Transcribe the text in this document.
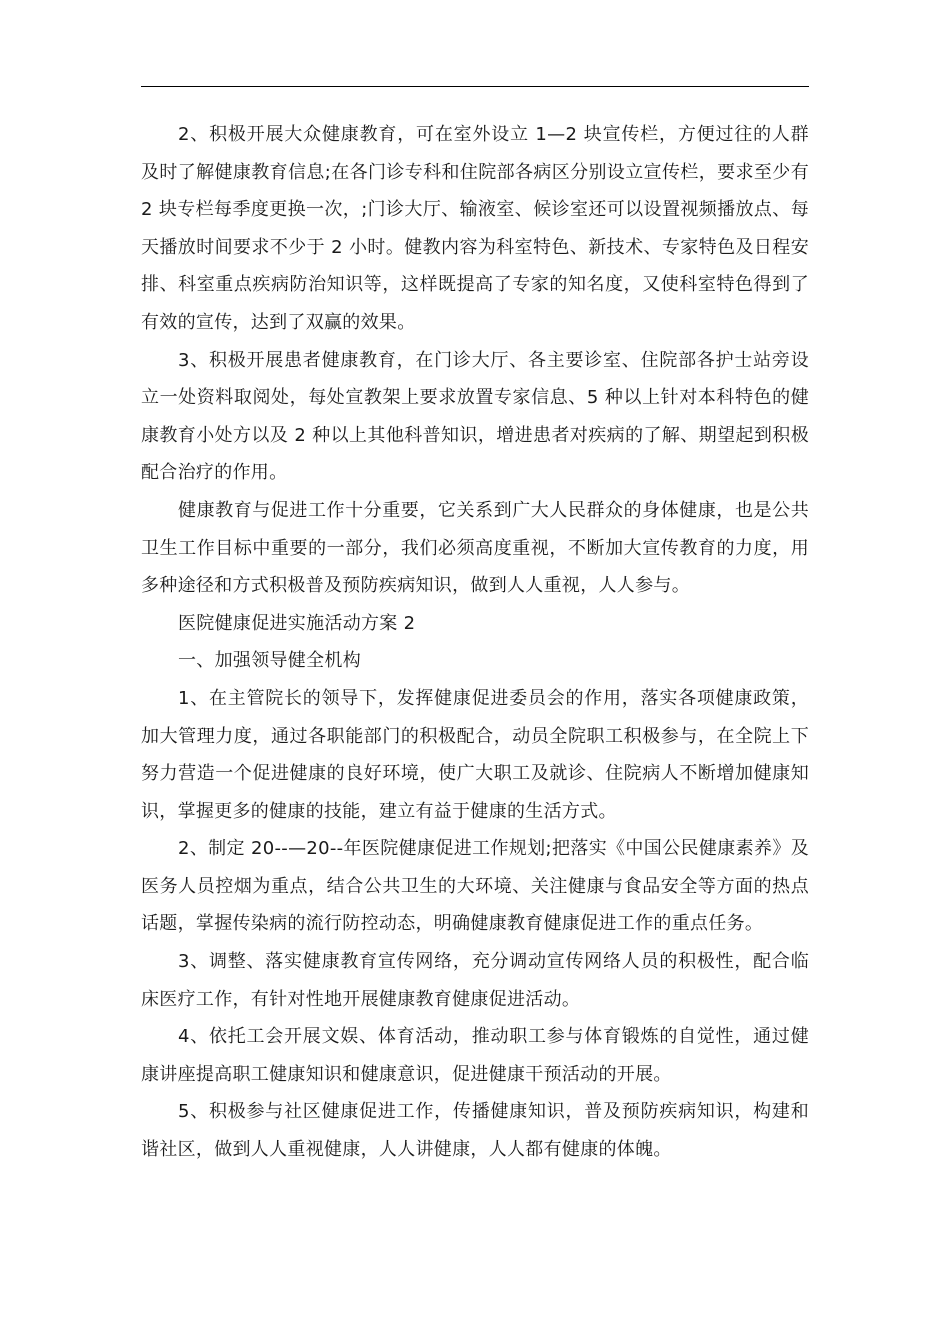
2、积极开展大众健康教育，可在室外设立 1—2 块宣传栏，方便过往的人群及时了解健康教育信息;在各门诊专科和住院部各病区分别设立宣传栏，要求至少有 2 块专栏每季度更换一次，;门诊大厅、输液室、候诊室还可以设置视频播放点、每天播放时间要求不少于 2 小时。健教内容为科室特色、新技术、专家特色及日程安排、科室重点疾病防治知识等，这样既提高了专家的知名度，又使科室特色得到了有效的宣传，达到了双赢的效果。

3、积极开展患者健康教育，在门诊大厅、各主要诊室、住院部各护士站旁设立一处资料取阅处，每处宣教架上要求放置专家信息、5 种以上针对本科特色的健康教育小处方以及 2 种以上其他科普知识，增进患者对疾病的了解、期望起到积极配合治疗的作用。

健康教育与促进工作十分重要，它关系到广大人民群众的身体健康，也是公共卫生工作目标中重要的一部分，我们必须高度重视，不断加大宣传教育的力度，用多种途径和方式积极普及预防疾病知识，做到人人重视，人人参与。

医院健康促进实施活动方案 2

一、加强领导健全机构

1、在主管院长的领导下，发挥健康促进委员会的作用，落实各项健康政策，加大管理力度，通过各职能部门的积极配合，动员全院职工积极参与，在全院上下努力营造一个促进健康的良好环境，使广大职工及就诊、住院病人不断增加健康知识，掌握更多的健康的技能，建立有益于健康的生活方式。

2、制定 20--—20--年医院健康促进工作规划;把落实《中国公民健康素养》及医务人员控烟为重点，结合公共卫生的大环境、关注健康与食品安全等方面的热点话题，掌握传染病的流行防控动态，明确健康教育健康促进工作的重点任务。

3、调整、落实健康教育宣传网络，充分调动宣传网络人员的积极性，配合临床医疗工作，有针对性地开展健康教育健康促进活动。

4、依托工会开展文娱、体育活动，推动职工参与体育锻炼的自觉性，通过健康讲座提高职工健康知识和健康意识，促进健康干预活动的开展。

5、积极参与社区健康促进工作，传播健康知识，普及预防疾病知识，构建和谐社区，做到人人重视健康，人人讲健康，人人都有健康的体魄。
